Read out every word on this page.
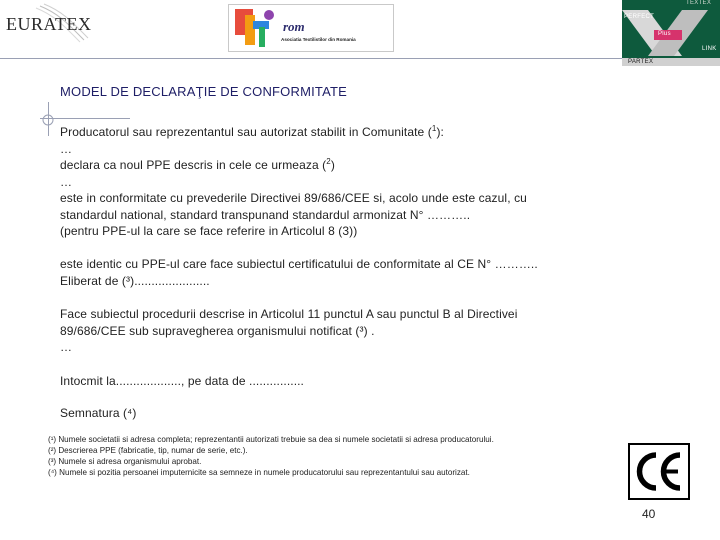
EURATEX	rom
Asociatia Textilistilor din Romania
TEXTEX
PERFECT
Plus
LINK
PARTEX
MODEL DE DECLARAŢIE DE CONFORMITATE
Producatorul sau reprezentantul sau autorizat stabilit in Comunitate ($^1$):
…
declara ca noul PPE descris in cele ce urmeaza ($^2$)
…
este in conformitate cu prevederile Directivei 89/686/CEE si, acolo unde este cazul, cu
standardul national, standard transpunand standardul armonizat N° ………..
(pentru PPE-ul la care se face referire in Articolul 8 (3))
este identic cu PPE-ul care face subiectul certificatului de conformitate al CE N° ………..
Eliberat de (³)......................
Face subiectul procedurii descrise in Articolul 11 punctul A sau punctul B al Directivei
89/686/CEE sub supravegherea organismului notificat (³) .
…
Intocmit la..................., pe data de ................
Semnatura (⁴)
(¹) Numele societatii si adresa completa; reprezentantii autorizati trebuie sa dea si numele societatii si adresa producatorului.
(²) Descrierea PPE (fabricatie, tip, numar de serie, etc.).
(³) Numele si adresa organismului aprobat.
(⁴) Numele si pozitia persoanei imputernicite sa semneze in numele producatorului sau reprezentantului sau autorizat.
40
